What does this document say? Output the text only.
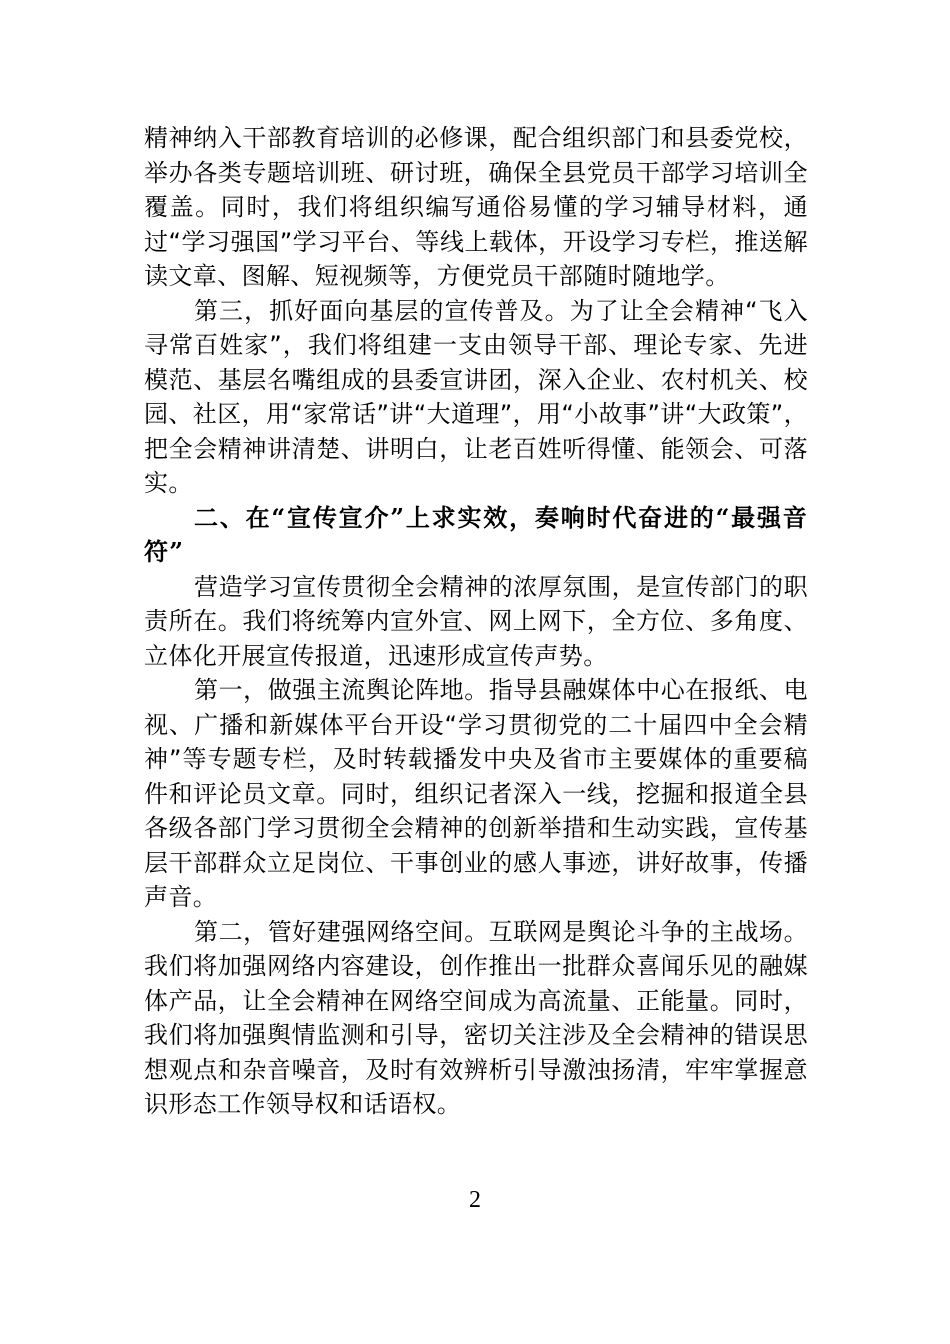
精神纳入干部教育培训的必修课，配合组织部门和县委党校，举办各类专题培训班、研讨班，确保全县党员干部学习培训全覆盖。同时，我们将组织编写通俗易懂的学习辅导材料，通过“学习强国”学习平台、等线上载体，开设学习专栏，推送解读文章、图解、短视频等，方便党员干部随时随地学。

第三，抓好面向基层的宣传普及。为了让全会精神“飞入寻常百姓家”，我们将组建一支由领导干部、理论专家、先进模范、基层名嘴组成的县委宣讲团，深入企业、农村机关、校园、社区，用“家常话”讲“大道理”，用“小故事”讲“大政策”，把全会精神讲清楚、讲明白，让老百姓听得懂、能领会、可落实。

二、在“宣传宣介”上求实效，奏响时代奋进的“最强音符”

营造学习宣传贯彻全会精神的浓厚氛围，是宣传部门的职责所在。我们将统筹内宣外宣、网上网下，全方位、多角度、立体化开展宣传报道，迅速形成宣传声势。

第一，做强主流舆论阵地。指导县融媒体中心在报纸、电视、广播和新媒体平台开设“学习贯彻党的二十届四中全会精神”等专题专栏，及时转载播发中央及省市主要媒体的重要稿件和评论员文章。同时，组织记者深入一线，挖掘和报道全县各级各部门学习贯彻全会精神的创新举措和生动实践，宣传基层干部群众立足岗位、干事创业的感人事迹，讲好故事，传播声音。

第二，管好建强网络空间。互联网是舆论斗争的主战场。我们将加强网络内容建设，创作推出一批群众喜闻乐见的融媒体产品，让全会精神在网络空间成为高流量、正能量。同时，我们将加强舆情监测和引导，密切关注涉及全会精神的错误思想观点和杂音噪音，及时有效辨析引导激浊扬清，牢牢掌握意识形态工作领导权和话语权。

2
